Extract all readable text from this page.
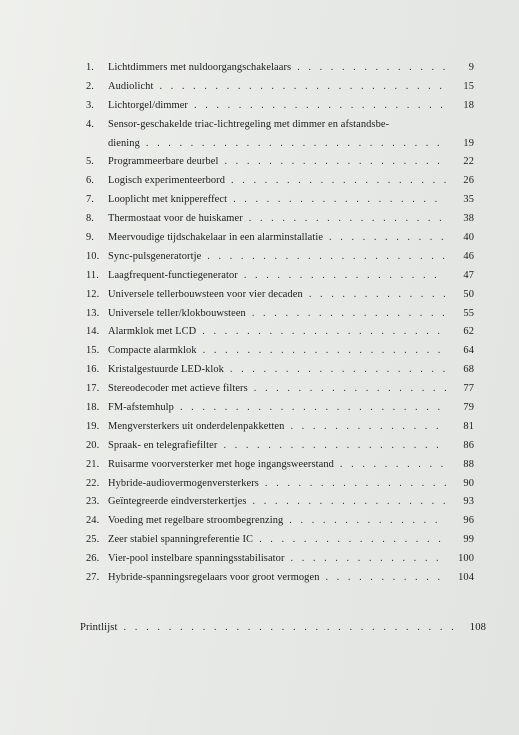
1.	Lichtdimmers met nuldoorgangschakelaars . . .	9
2.	Audiolicht . . .	15
3.	Lichtorgel/dimmer . . .	18
4.	Sensor-geschakelde triac-lichtregeling met dimmer en afstandsbe-
diening . . .	19
5.	Programmeerbare deurbel . . .	22
6.	Logisch experimenteerbord . . .	26
7.	Looplicht met knippereffect . . .	35
8.	Thermostaat voor de huiskamer . . .	38
9.	Meervoudige tijdschakelaar in een alarminstallatie . . .	40
10. Sync-pulsgeneratortje . . .	46
11. Laagfrequent-functiegenerator . . .	47
12. Universele tellerbouwsteen voor vier decaden . . .	50
13. Universele teller/klokbouwsteen . . .	55
14. Alarmklok met LCD . . .	62
15. Compacte alarmklok . . .	64
16. Kristalgestuurde LED-klok . . .	68
17. Stereodecoder met actieve filters . . .	77
18. FM-afstemhulp . . .	79
19. Mengversterkers uit onderdelenpakketten . . .	81
20. Spraak- en telegrafiefilter . . .	86
21. Ruisarme voorversterker met hoge ingangsweerstand . . .	88
22. Hybride-audiovermogenversterkers . . .	90
23. Geïntegreerde eindversterkertjes . . .	93
24. Voeding met regelbare stroombegrenzing . . .	96
25. Zeer stabiel spanningreferentie IC . . .	99
26. Vier-pool instelbare spanningsstabilisator . . .	100
27. Hybride-spanningsregelaars voor groot vermogen . . .	104
Printlijst . . .	108
